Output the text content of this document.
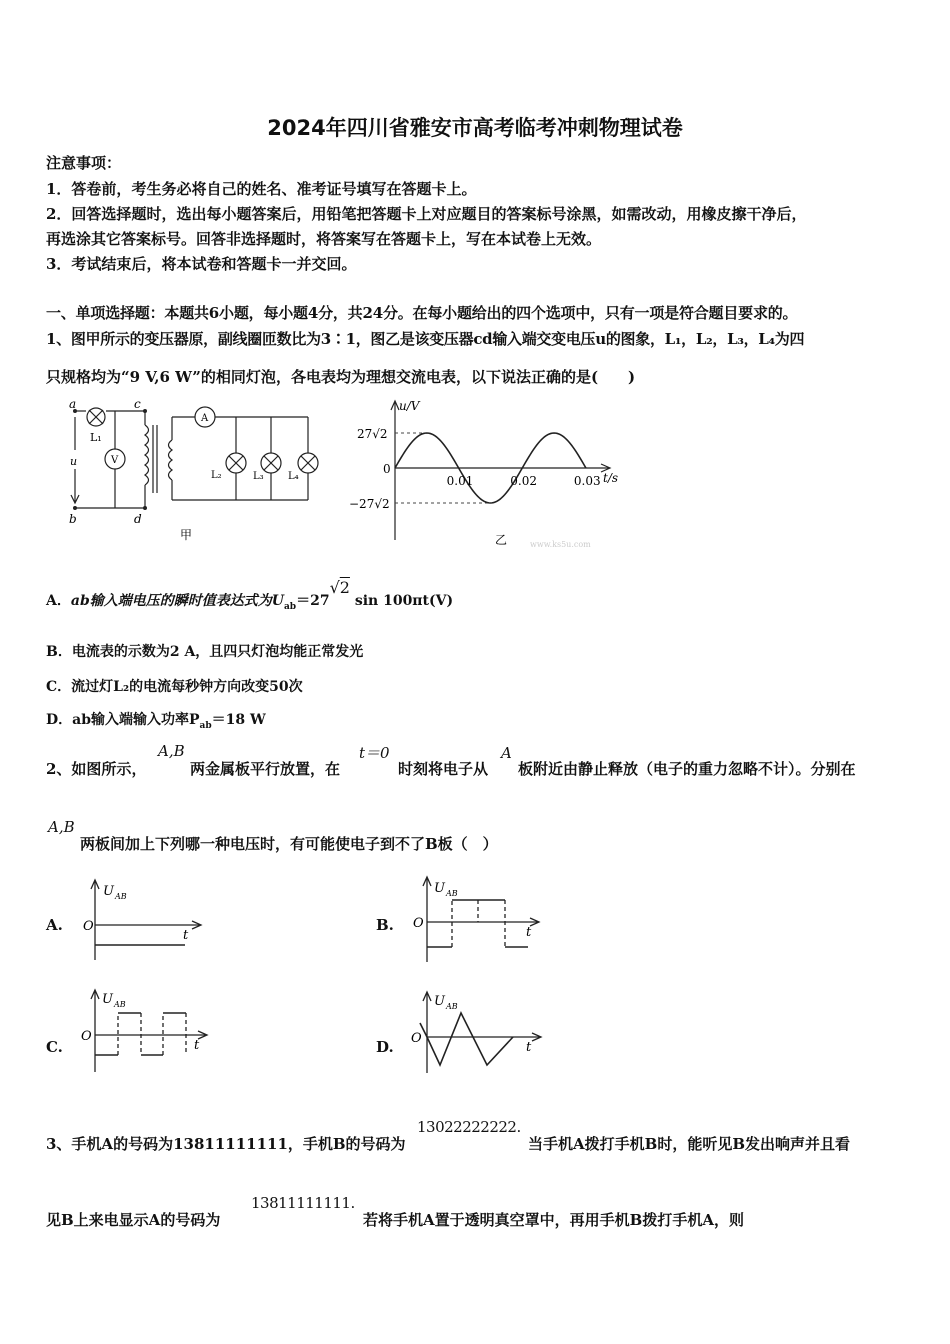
2024年四川省雅安市高考临考冲刺物理试卷
注意事项：
1．答卷前，考生务必将自己的姓名、准考证号填写在答题卡上。
2．回答选择题时，选出每小题答案后，用铅笔把答题卡上对应题目的答案标号涂黑，如需改动，用橡皮擦干净后，
再选涂其它答案标号。回答非选择题时，将答案写在答题卡上，写在本试卷上无效。
3．考试结束后，将本试卷和答题卡一并交回。
一、单项选择题：本题共6小题，每小题4分，共24分。在每小题给出的四个选项中，只有一项是符合题目要求的。
1、图甲所示的变压器原，副线圈匝数比为3∶1，图乙是该变压器cd输入端交变电压u的图象，L₁，L₂，L₃，L₄为四
只规格均为“9 V,6 W”的相同灯泡，各电表均为理想交流电表，以下说法正确的是(　　)
a
b
c
d
u
L₁
V
A
L₂	L₃ L₄
甲
u/V
t/s
27√2
0
−27√2
0.01	0.02	0.03
乙	www.ks5u.com
A．ab输入端电压的瞬时值表达式为$U_{ab}=27√2$ sin 100πt(V)
B．电流表的示数为2 A，且四只灯泡均能正常发光
C．流过灯L₂的电流每秒钟方向改变50次
D．ab输入端输入功率$P_{ab}=18$ W
2、如图所示，
A,B
两金属板平行放置，在
t＝0
时刻将电子从
A
板附近由静止释放（电子的重力忽略不计）。分别在
A,B
两板间加上下列哪一种电压时，有可能使电子到不了B板（　）
A.
U AB
O
t
B.
U AB
O
t
C.
U AB
O
t	D.
U AB
O
t
3、手机A的号码为13811111111，手机B的号码为
13022222222.
当手机A拨打手机B时，能听见B发出响声并且看
见B上来电显示A的号码为
13811111111.
若将手机A置于透明真空罩中，再用手机B拨打手机A，则
